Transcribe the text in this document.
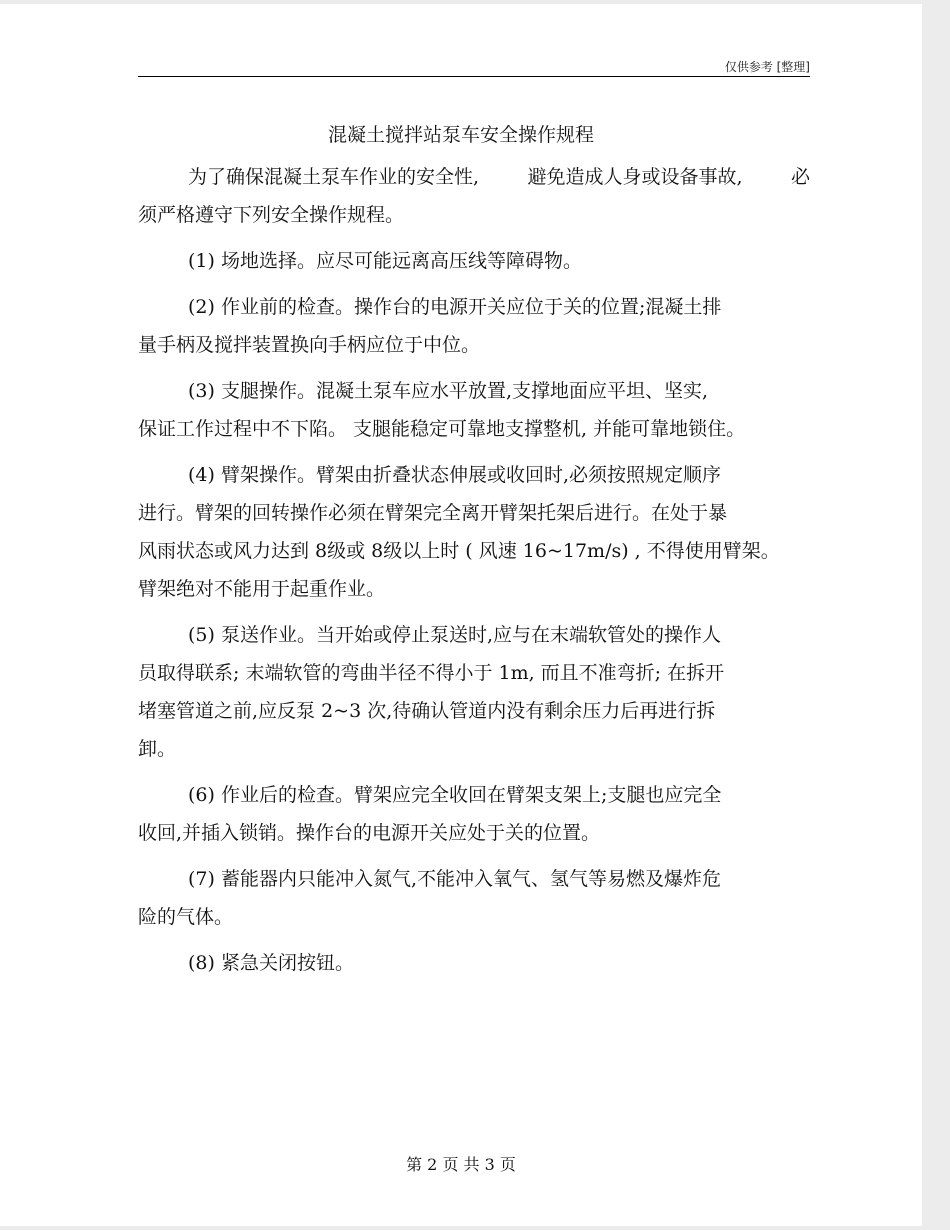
仅供参考 [整理]
混凝土搅拌站泵车安全操作规程
为了确保混凝土泵车作业的安全性,	避免造成人身或设备事故,	必
须严格遵守下列安全操作规程。
(1) 场地选择。应尽可能远离高压线等障碍物。
(2) 作业前的检查。操作台的电源开关应位于关的位置;混凝土排
量手柄及搅拌装置换向手柄应位于中位。
(3) 支腿操作。混凝土泵车应水平放置,支撑地面应平坦、坚实,
保证工作过程中不下陷。 支腿能稳定可靠地支撑整机, 并能可靠地锁住。
(4) 臂架操作。臂架由折叠状态伸展或收回时,必须按照规定顺序
进行。臂架的回转操作必须在臂架完全离开臂架托架后进行。在处于暴
风雨状态或风力达到 8级或 8级以上时 ( 风速 16~17m/s) , 不得使用臂架。
臂架绝对不能用于起重作业。
(5) 泵送作业。当开始或停止泵送时,应与在末端软管处的操作人
员取得联系; 末端软管的弯曲半径不得小于 1m, 而且不准弯折; 在拆开
堵塞管道之前,应反泵 2~3 次,待确认管道内没有剩余压力后再进行拆
卸。
(6) 作业后的检查。臂架应完全收回在臂架支架上;支腿也应完全
收回,并插入锁销。操作台的电源开关应处于关的位置。
(7) 蓄能器内只能冲入氮气,不能冲入氧气、氢气等易燃及爆炸危
险的气体。
(8) 紧急关闭按钮。
第 2 页 共 3 页
